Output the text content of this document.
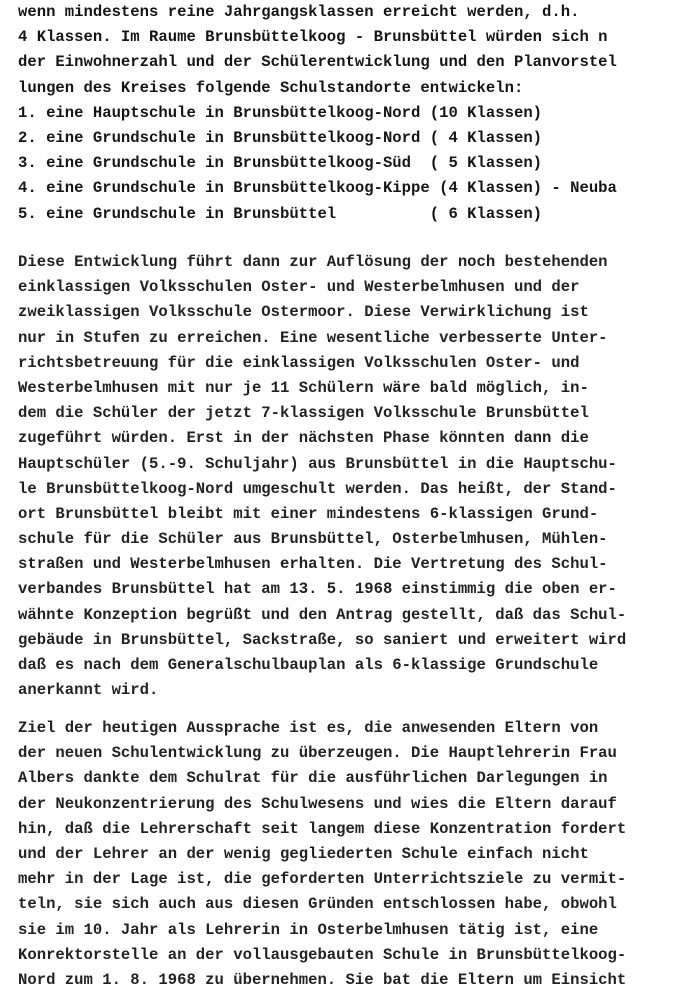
wenn mindestens reine Jahrgangsklassen erreicht werden, d.h.
4 Klassen. Im Raume Brunsbüttelkoog - Brunsbüttel würden sich n
der Einwohnerzahl und der Schülerentwicklung und den Planvorstel
lungen des Kreises folgende Schulstandorte entwickeln:
1. eine Hauptschule in Brunsbüttelkoog-Nord (10 Klassen)
2. eine Grundschule in Brunsbüttelkoog-Nord ( 4 Klassen)
3. eine Grundschule in Brunsbüttelkoog-Süd  ( 5 Klassen)
4. eine Grundschule in Brunsbüttelkoog-Kippe (4 Klassen) - Neuba
5. eine Grundschule in Brunsbüttel          ( 6 Klassen)
Diese Entwicklung führt dann zur Auflösung der noch bestehenden
einklassigen Volksschulen Oster- und Westerbelmhusen und der
zweiklassigen Volksschule Ostermoor. Diese Verwirklichung ist
nur in Stufen zu erreichen. Eine wesentliche verbesserte Unter-
richtsbetreuung für die einklassigen Volksschulen Oster- und
Westerbelmhusen mit nur je 11 Schülern wäre bald möglich, in-
dem die Schüler der jetzt 7-klassigen Volksschule Brunsbüttel
zugeführt würden. Erst in der nächsten Phase könnten dann die
Hauptschüler (5.-9. Schuljahr) aus Brunsbüttel in die Hauptschu-
le Brunsbüttelkoog-Nord umgeschult werden. Das heißt, der Stand-
ort Brunsbüttel bleibt mit einer mindestens 6-klassigen Grund-
schule für die Schüler aus Brunsbüttel, Osterbelmhusen, Mühlen-
straßen und Westerbelmhusen erhalten. Die Vertretung des Schul-
verbandes Brunsbüttel hat am 13. 5. 1968 einstimmig die oben er-
wähnte Konzeption begrüßt und den Antrag gestellt, daß das Schul-
gebäude in Brunsbüttel, Sackstraße, so saniert und erweitert wird
daß es nach dem Generalschulbauplan als 6-klassige Grundschule
anerkannt wird.
Ziel der heutigen Aussprache ist es, die anwesenden Eltern von
der neuen Schulentwicklung zu überzeugen. Die Hauptlehrerin Frau
Albers dankte dem Schulrat für die ausführlichen Darlegungen in
der Neukonzentrierung des Schulwesens und wies die Eltern darauf
hin, daß die Lehrerschaft seit langem diese Konzentration fordert
und der Lehrer an der wenig gegliederten Schule einfach nicht
mehr in der Lage ist, die geforderten Unterrichtsziele zu vermit-
teln, sie sich auch aus diesen Gründen entschlossen habe, obwohl
sie im 10. Jahr als Lehrerin in Osterbelmhusen tätig ist, eine
Konrektorstelle an der vollausgebauten Schule in Brunsbüttelkoog-
Nord zum 1. 8. 1968 zu übernehmen. Sie bat die Eltern um Einsicht
